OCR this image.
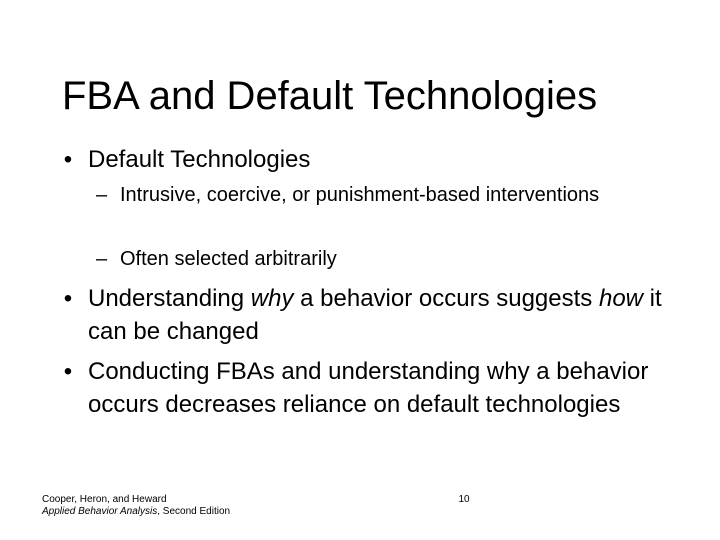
FBA and Default Technologies
• Default Technologies
– Intrusive, coercive, or punishment-based interventions
– Often selected arbitrarily
• Understanding why a behavior occurs suggests how it can be changed
• Conducting FBAs and understanding why a behavior occurs decreases reliance on default technologies
Cooper, Heron, and Heward
Applied Behavior Analysis, Second Edition
10
